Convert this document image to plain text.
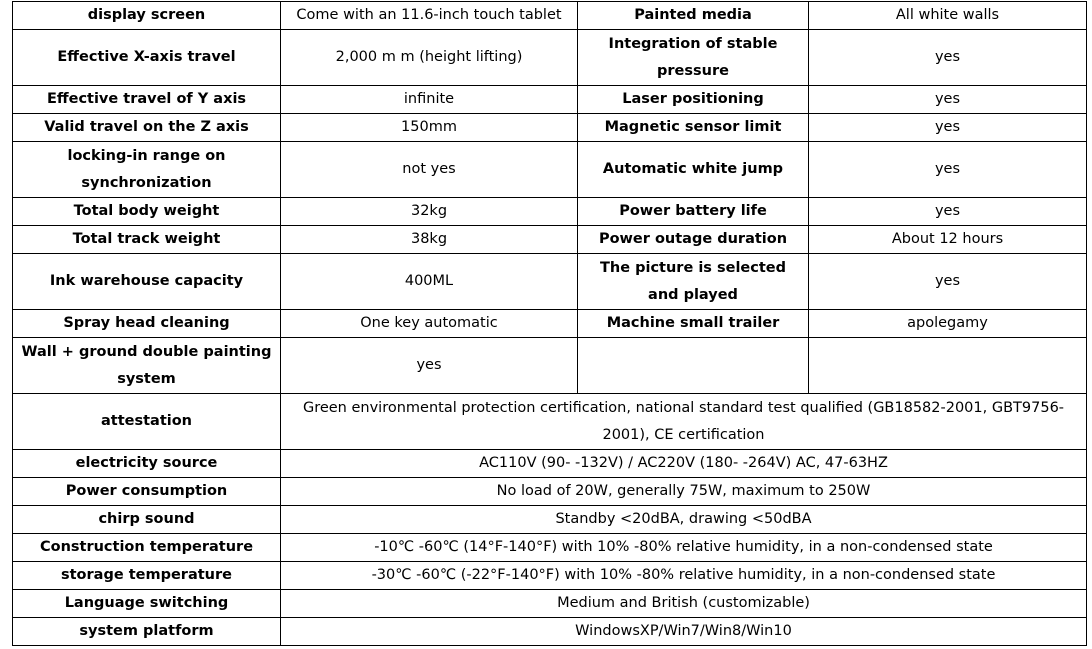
display screen	Come with an 11.6-inch touch tablet	Painted media	All white walls
Effective X-axis travel	2,000 m m (height lifting)	Integration of stable pressure	yes
Effective travel of Y axis	infinite	Laser positioning	yes
Valid travel on the Z axis	150mm	Magnetic sensor limit	yes
locking-in range on synchronization	not yes	Automatic white jump	yes
Total body weight	32kg	Power battery life	yes
Total track weight	38kg	Power outage duration	About 12 hours
Ink warehouse capacity	400ML	The picture is selected and played	yes
Spray head cleaning	One key automatic	Machine small trailer	apolegamy
Wall + ground double painting system	yes		
attestation	Green environmental protection certification, national standard test qualified (GB18582-2001, GBT9756-2001), CE certification		
electricity source	AC110V (90- -132V) / AC220V (180- -264V) AC, 47-63HZ		
Power consumption	No load of 20W, generally 75W, maximum to 250W		
chirp sound	Standby <20dBA, drawing <50dBA		
Construction temperature	-10℃ -60℃ (14°F-140°F) with 10% -80% relative humidity, in a non-condensed state		
storage temperature	-30℃ -60℃ (-22°F-140°F) with 10% -80% relative humidity, in a non-condensed state		
Language switching	Medium and British (customizable)		
system platform	WindowsXP/Win7/Win8/Win10		
